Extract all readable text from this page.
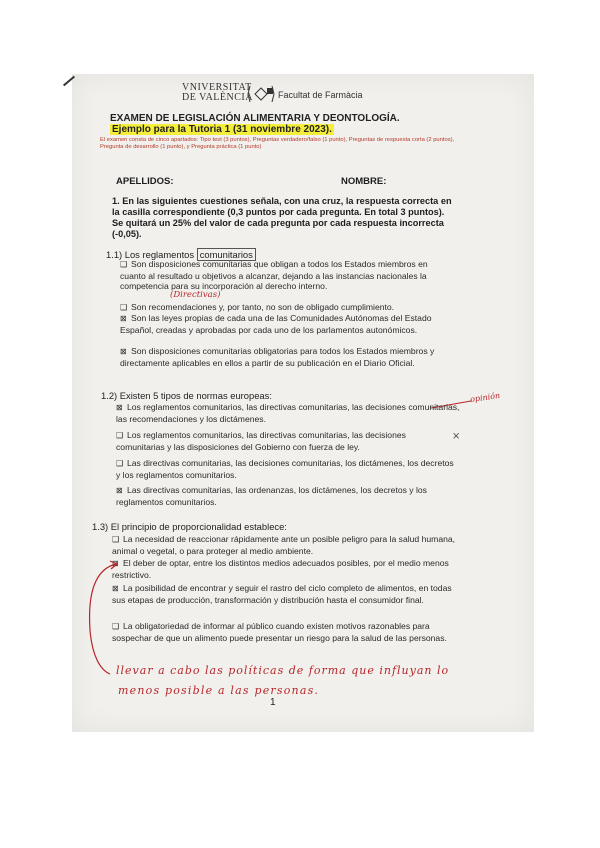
VNIVERSITAT
DE VALÈNCIA	Facultat de Farmàcia
EXAMEN DE LEGISLACIÓN ALIMENTARIA Y DEONTOLOGÍA.
Ejemplo para la Tutoria 1 (31 noviembre 2023).
El examen consta de cinco apartados: Tipo test (3 puntos), Preguntas verdadero/falso (1 punto), Preguntas de respuesta corta (2 puntos), Pregunta de desarrollo (1 punto), y Pregunta práctica (1 punto)
APELLIDOS:	NOMBRE:
1. En las siguientes cuestiones señala, con una cruz, la respuesta correcta en la casilla correspondiente (0,3 puntos por cada pregunta. En total 3 puntos). Se quitará un 25% del valor de cada pregunta por cada respuesta incorrecta (-0,05).
1.1) Los reglamentos comunitarios
❑ Son disposiciones comunitarias que obligan a todos los Estados miembros en cuanto al resultado u objetivos a alcanzar, dejando a las instancias nacionales la competencia para su incorporación al derecho interno.
(Directivas)
❑ Son recomendaciones y, por tanto, no son de obligado cumplimiento.
⊠ Son las leyes propias de cada una de las Comunidades Autónomas del Estado Español, creadas y aprobadas por cada uno de los parlamentos autonómicos.
⊠ Son disposiciones comunitarias obligatorias para todos los Estados miembros y directamente aplicables en ellos a partir de su publicación en el Diario Oficial.
1.2) Existen 5 tipos de normas europeas:	opinión
⊠ Los reglamentos comunitarios, las directivas comunitarias, las decisiones comunitarias, las recomendaciones y los dictámenes.
❑ Los reglamentos comunitarios, las directivas comunitarias, las decisiones comunitarias y las disposiciones del Gobierno con fuerza de ley.
×
❑ Las directivas comunitarias, las decisiones comunitarias, los dictámenes, los decretos y los reglamentos comunitarios.
⊠ Las directivas comunitarias, las ordenanzas, los dictámenes, los decretos y los reglamentos comunitarios.
1.3) El principio de proporcionalidad establece:
❑ La necesidad de reaccionar rápidamente ante un posible peligro para la salud humana, animal o vegetal, o para proteger al medio ambiente.
⊠ El deber de optar, entre los distintos medios adecuados posibles, por el medio menos restrictivo.
⊠ La posibilidad de encontrar y seguir el rastro del ciclo completo de alimentos, en todas sus etapas de producción, transformación y distribución hasta el consumidor final.
❑ La obligatoriedad de informar al público cuando existen motivos razonables para sospechar de que un alimento puede presentar un riesgo para la salud de las personas.
llevar a cabo las políticas de forma que influyan lo
menos posible a las personas.
1
